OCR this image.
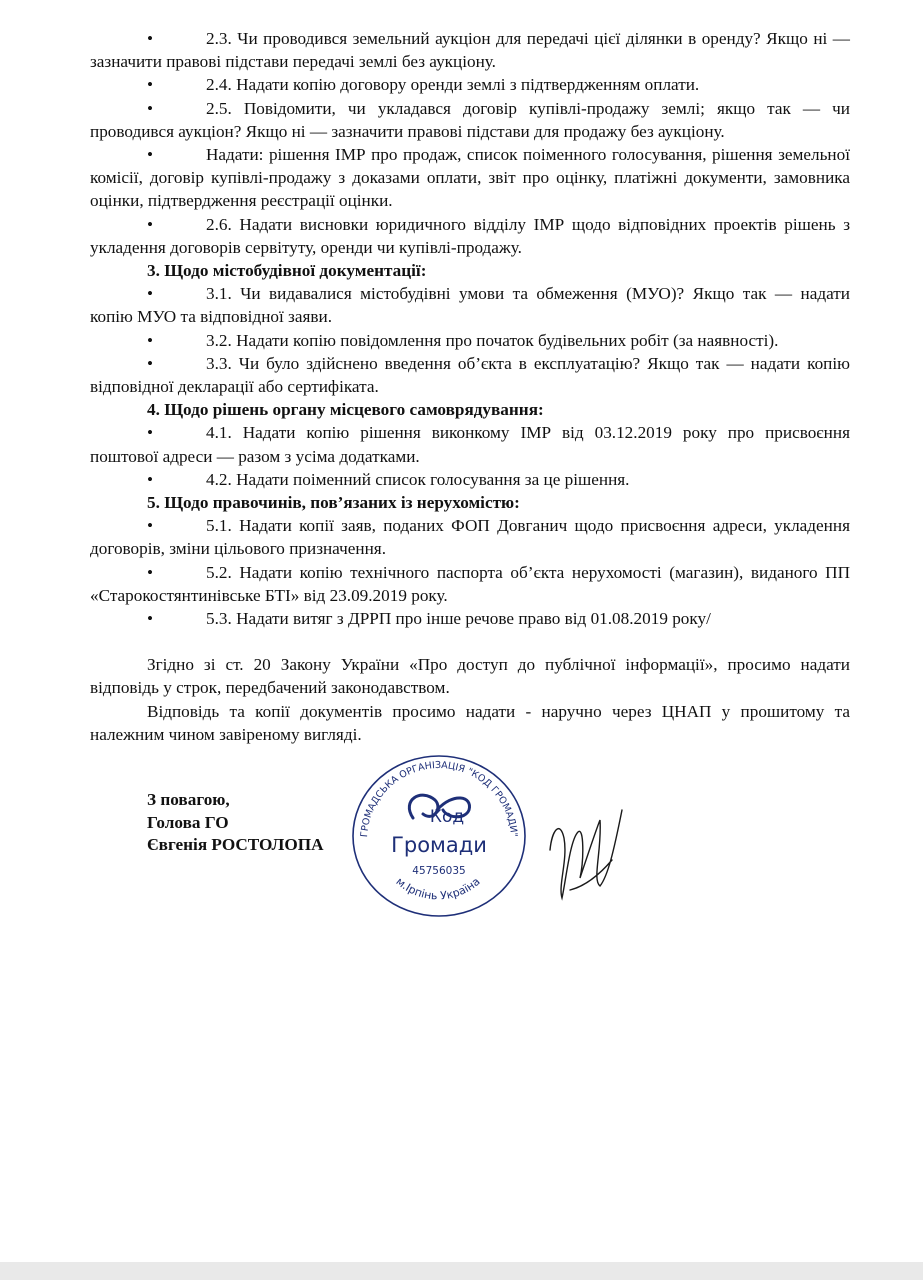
•	2.3. Чи проводився земельний аукціон для передачі цієї ділянки в оренду? Якщо ні — зазначити правові підстави передачі землі без аукціону.

•	2.4. Надати копію договору оренди землі з підтвердженням оплати.

•	2.5. Повідомити, чи укладався договір купівлі-продажу землі; якщо так — чи проводився аукціон? Якщо ні — зазначити правові підстави для продажу без аукціону.

•	Надати: рішення ІМР про продаж, список поіменного голосування, рішення земельної комісії, договір купівлі-продажу з доказами оплати, звіт про оцінку, платіжні документи, замовника оцінки, підтвердження реєстрації оцінки.

•	2.6. Надати висновки юридичного відділу ІМР щодо відповідних проектів рішень з укладення договорів сервітуту, оренди чи купівлі-продажу.

3. Щодо містобудівної документації:

•	3.1. Чи видавалися містобудівні умови та обмеження (МУО)? Якщо так — надати копію МУО та відповідної заяви.

•	3.2. Надати копію повідомлення про початок будівельних робіт (за наявності).

•	3.3. Чи було здійснено введення об’єкта в експлуатацію? Якщо так — надати копію відповідної декларації або сертифіката.

4. Щодо рішень органу місцевого самоврядування:

•	4.1. Надати копію рішення виконкому ІМР від 03.12.2019 року про присвоєння поштової адреси — разом з усіма додатками.

•	4.2. Надати поіменний список голосування за це рішення.

5. Щодо правочинів, пов’язаних із нерухомістю:

•	5.1. Надати копії заяв, поданих ФОП Довганич щодо присвоєння адреси, укладення договорів, зміни цільового призначення.

•	5.2. Надати копію технічного паспорта об’єкта нерухомості (магазин), виданого ПП «Старокостянтинівське БТІ» від 23.09.2019 року.

•	5.3. Надати витяг з ДРРП про інше речове право від 01.08.2019 року/

Згідно зі ст. 20 Закону України «Про доступ до публічної інформації», просимо надати відповідь у строк, передбачений законодавством.

Відповідь та копії документів просимо надати - наручно через ЦНАП у прошитому та належним чином завіреному вигляді.

З повагою,
Голова ГО
Євгенія РОСТОЛОПА
ГРОМАДСЬКА ОРГАНІЗАЦІЯ "КОД ГРОМАДИ"
Код
Громади
45756035
м.Ірпінь Україна
